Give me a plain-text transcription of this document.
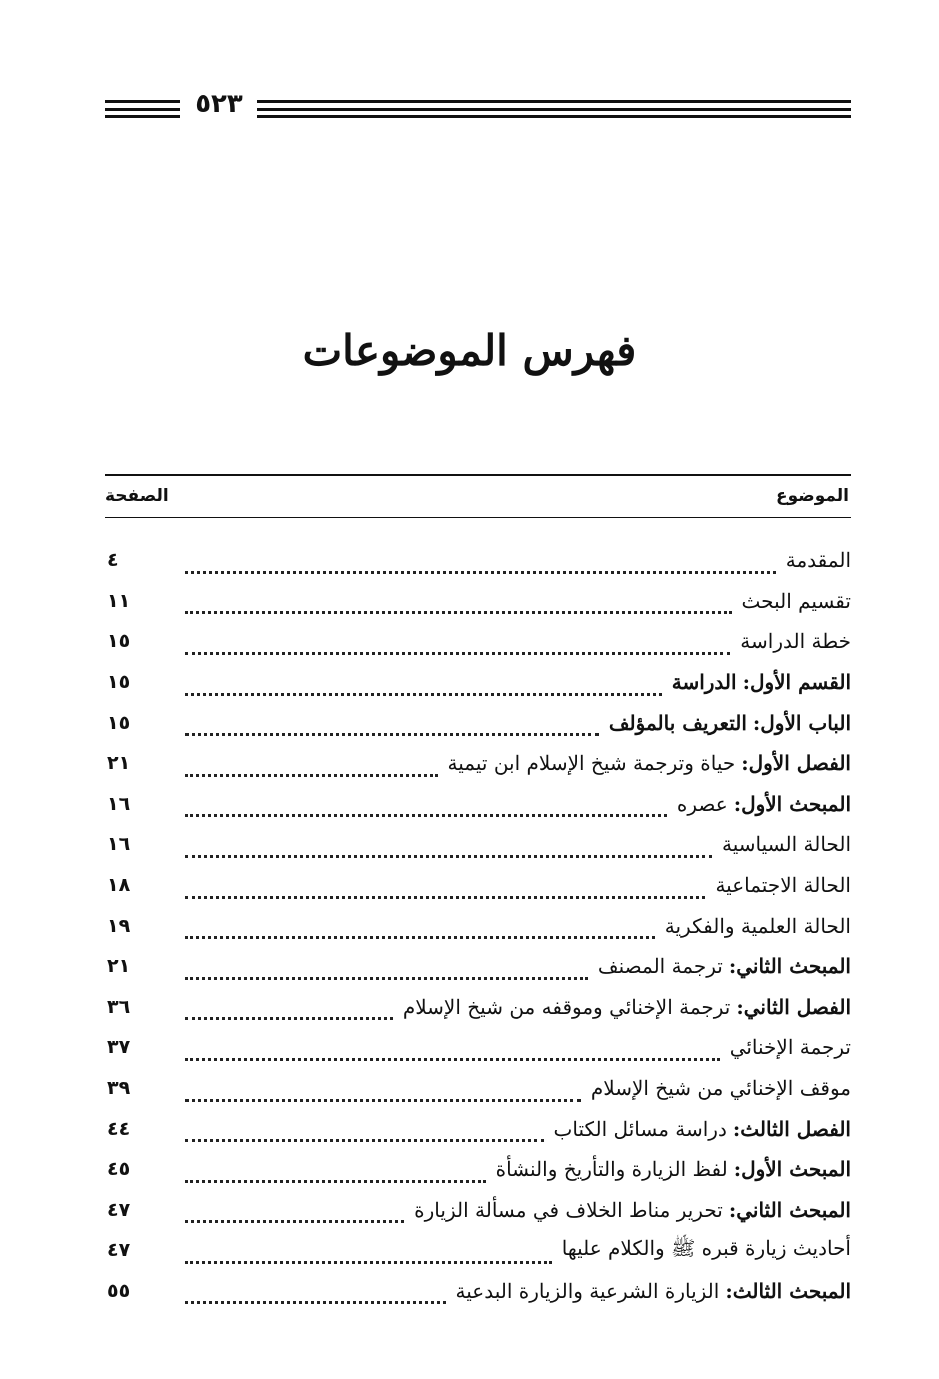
٥٢٣
فهرس الموضوعات
الموضوع
الصفحة
٤	المقدمة
١١	تقسيم البحث
١٥	خطة الدراسة
١٥	القسم الأول:الدراسة
١٥	الباب الأول:التعريف بالمؤلف
٢١	الفصل الأول:حياة وترجمة شيخ الإسلام ابن تيمية
١٦	المبحث الأول:عصره
١٦	الحالة السياسية
١٨	الحالة الاجتماعية
١٩	الحالة العلمية والفكرية
٢١	المبحث الثاني:ترجمة المصنف
٣٦	الفصل الثاني:ترجمة الإخنائي وموقفه من شيخ الإسلام
٣٧	ترجمة الإخنائي
٣٩	موقف الإخنائي من شيخ الإسلام
٤٤	الفصل الثالث:دراسة مسائل الكتاب
٤٥	المبحث الأول:لفظ الزيارة والتأريخ والنشأة
٤٧	المبحث الثاني:تحرير مناط الخلاف في مسألة الزيارة
٤٧	أحاديث زيارة قبره ﷺ والكلام عليها
٥٥	المبحث الثالث:الزيارة الشرعية والزيارة البدعية
